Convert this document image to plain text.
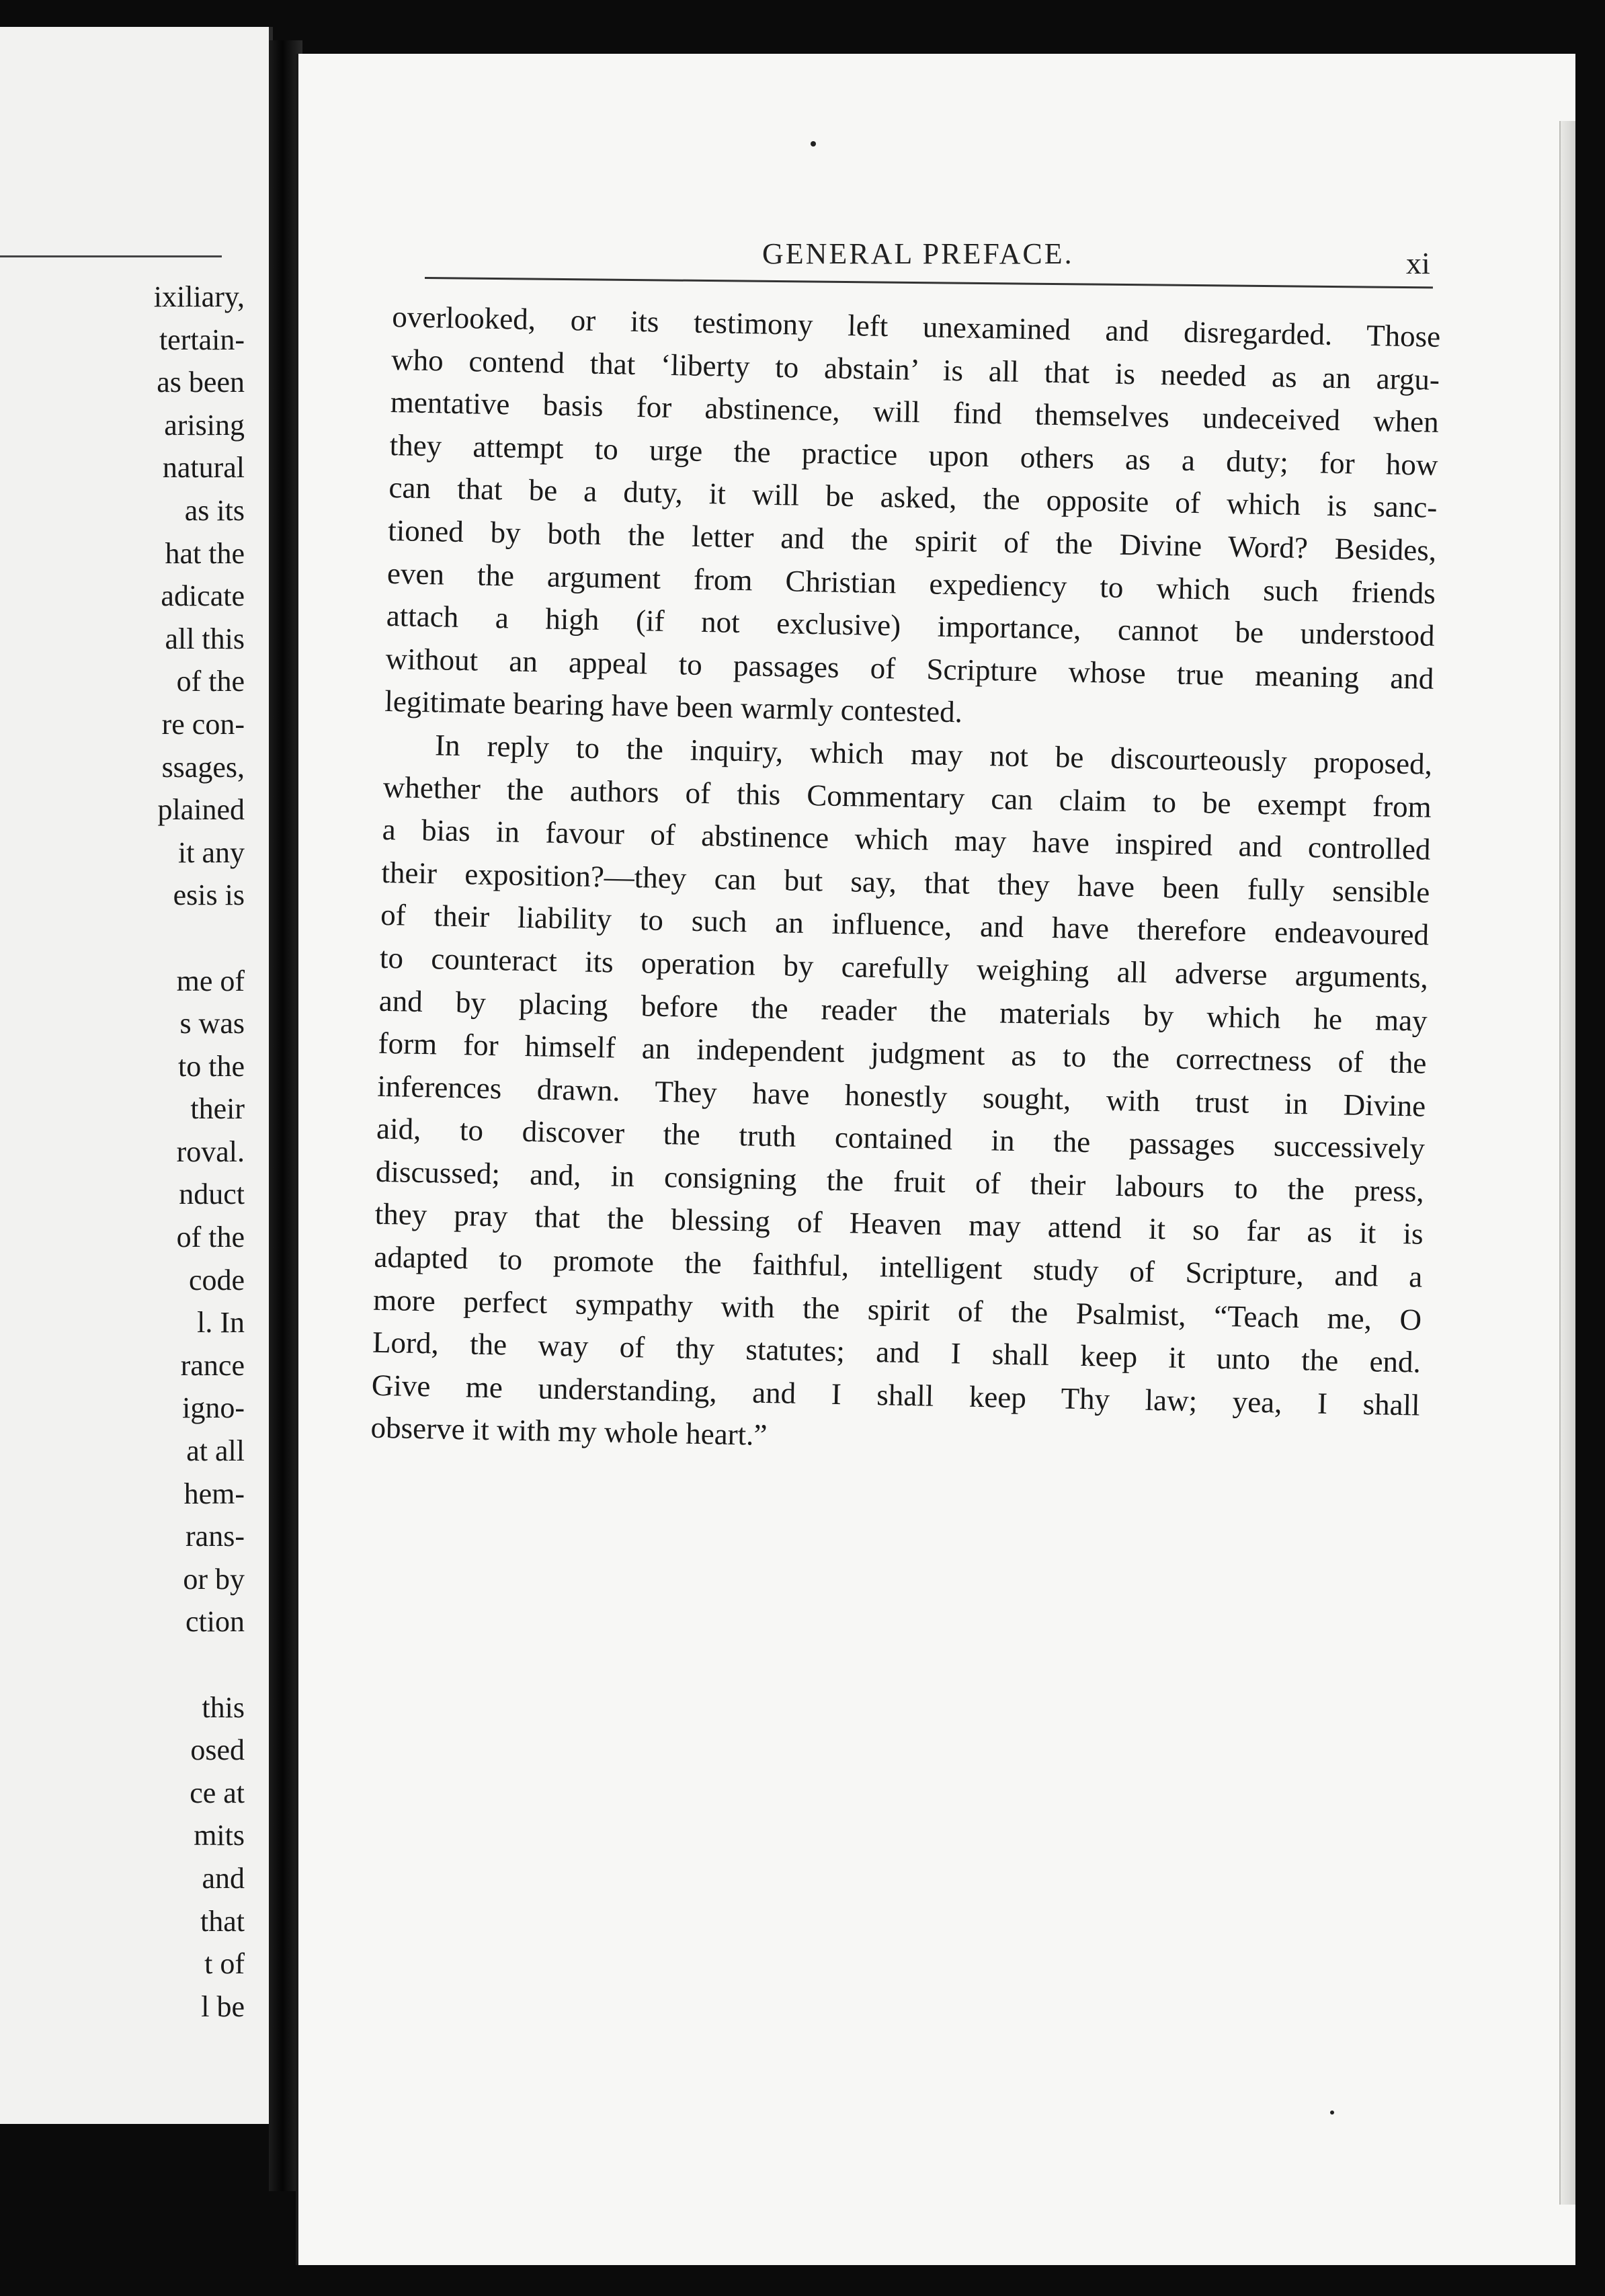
ixiliary,
tertain-
as been
arising
natural
as its
hat the
adicate
all this
of the
re con-
ssages,
plained
it any
esis is
me of
s was
to the
their
roval.
nduct
of the
code
l. In
rance
igno-
at all
hem-
rans-
or by
ction
this
osed
ce at
mits
and
that
t of
l be
GENERAL PREFACE.	xi
overlooked, or its testimony left unexamined and disregarded. Those
who contend that ‘liberty to abstain’ is all that is needed as an argu-
mentative basis for abstinence, will find themselves undeceived when
they attempt to urge the practice upon others as a duty; for how
can that be a duty, it will be asked, the opposite of which is sanc-
tioned by both the letter and the spirit of the Divine Word? Besides,
even the argument from Christian expediency to which such friends
attach a high (if not exclusive) importance, cannot be understood
without an appeal to passages of Scripture whose true meaning and
legitimate bearing have been warmly contested.
In reply to the inquiry, which may not be discourteously proposed,
whether the authors of this Commentary can claim to be exempt from
a bias in favour of abstinence which may have inspired and controlled
their exposition?—they can but say, that they have been fully sensible
of their liability to such an influence, and have therefore endeavoured
to counteract its operation by carefully weighing all adverse arguments,
and by placing before the reader the materials by which he may
form for himself an independent judgment as to the correctness of the
inferences drawn. They have honestly sought, with trust in Divine
aid, to discover the truth contained in the passages successively
discussed; and, in consigning the fruit of their labours to the press,
they pray that the blessing of Heaven may attend it so far as it is
adapted to promote the faithful, intelligent study of Scripture, and a
more perfect sympathy with the spirit of the Psalmist, “Teach me, O
Lord, the way of thy statutes; and I shall keep it unto the end.
Give me understanding, and I shall keep Thy law; yea, I shall
observe it with my whole heart.”
